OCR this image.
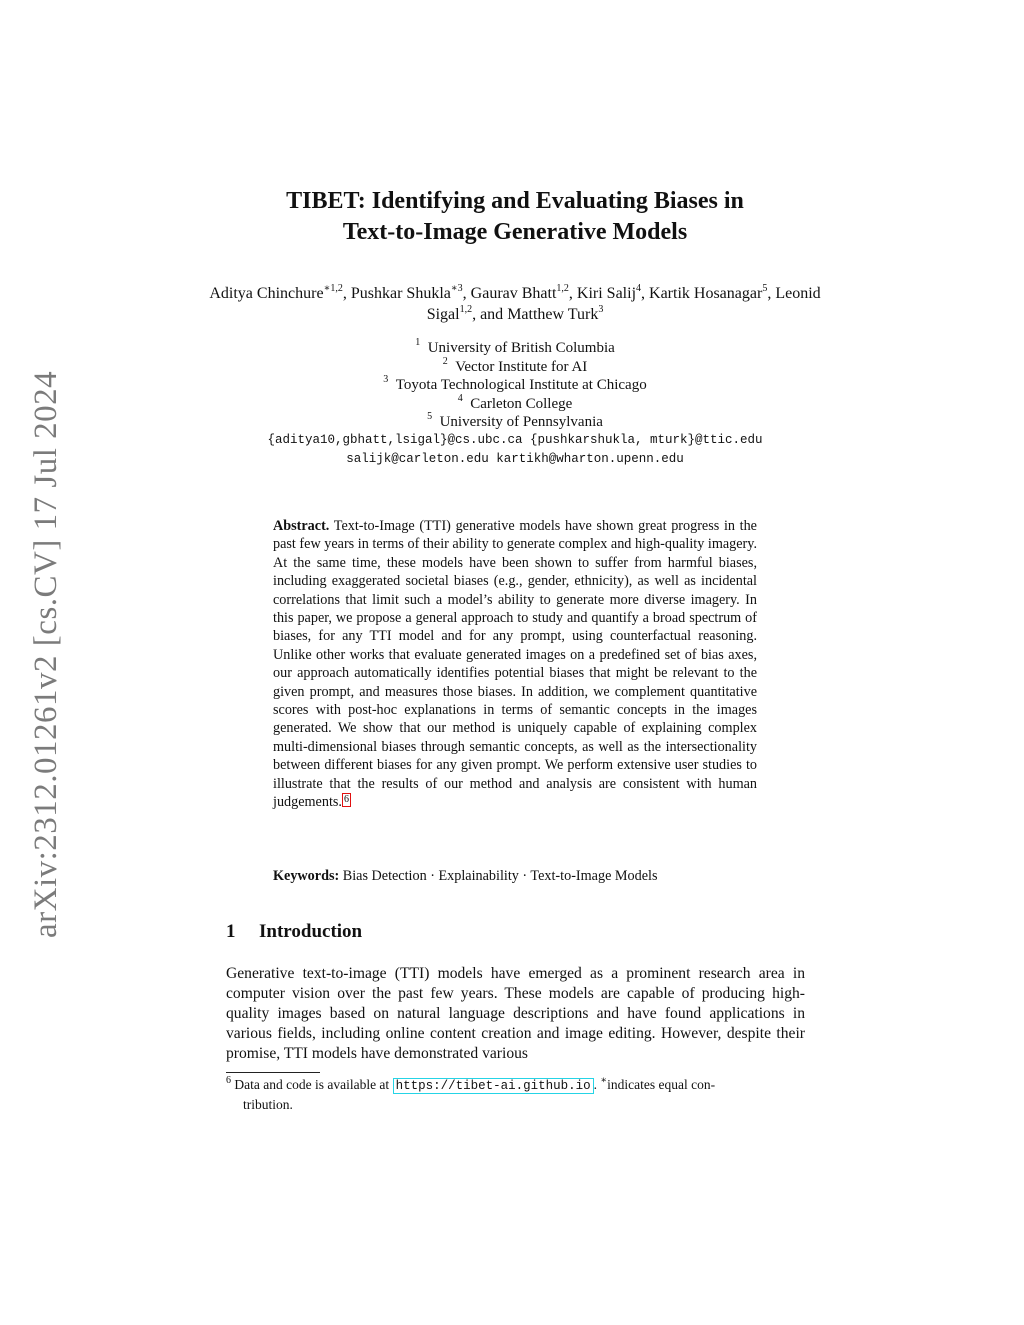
arXiv:2312.01261v2 [cs.CV] 17 Jul 2024
TIBET: Identifying and Evaluating Biases in
Text-to-Image Generative Models
Aditya Chinchure$^{∗1,2}$, Pushkar Shukla$^{∗3}$, Gaurav Bhatt$^{1,2}$, Kiri Salij$^4$, Kartik Hosanagar$^5$, Leonid Sigal$^{1,2}$, and Matthew Turk$^3$
$^1$  University of British Columbia
$^2$  Vector Institute for AI
$^3$  Toyota Technological Institute at Chicago
$^4$  Carleton College
$^5$  University of Pennsylvania
{aditya10,gbhatt,lsigal}@cs.ubc.ca {pushkarshukla, mturk}@ttic.edu
salijk@carleton.edu kartikh@wharton.upenn.edu
Abstract. Text-to-Image (TTI) generative models have shown great progress in the past few years in terms of their ability to generate complex and high-quality imagery. At the same time, these models have been shown to suffer from harmful biases, including exaggerated societal biases (e.g., gender, ethnicity), as well as incidental correlations that limit such a model’s ability to generate more diverse imagery. In this paper, we propose a general approach to study and quantify a broad spectrum of biases, for any TTI model and for any prompt, using counterfactual reasoning. Unlike other works that evaluate generated images on a predefined set of bias axes, our approach automatically identifies potential biases that might be relevant to the given prompt, and measures those biases. In addition, we complement quantitative scores with post-hoc explanations in terms of semantic concepts in the images generated. We show that our method is uniquely capable of explaining complex multi-dimensional biases through semantic concepts, as well as the intersectionality between different biases for any given prompt. We perform extensive user studies to illustrate that the results of our method and analysis are consistent with human judgements. 6
Keywords: Bias Detection · Explainability · Text-to-Image Models
1 Introduction
Generative text-to-image (TTI) models have emerged as a prominent research area in computer vision over the past few years. These models are capable of producing high-quality images based on natural language descriptions and have found applications in various fields, including online content creation and image editing. However, despite their promise, TTI models have demonstrated various
$^6$ Data and code is available at https://tibet-ai.github.io . ∗indicates equal con-
tribution.
